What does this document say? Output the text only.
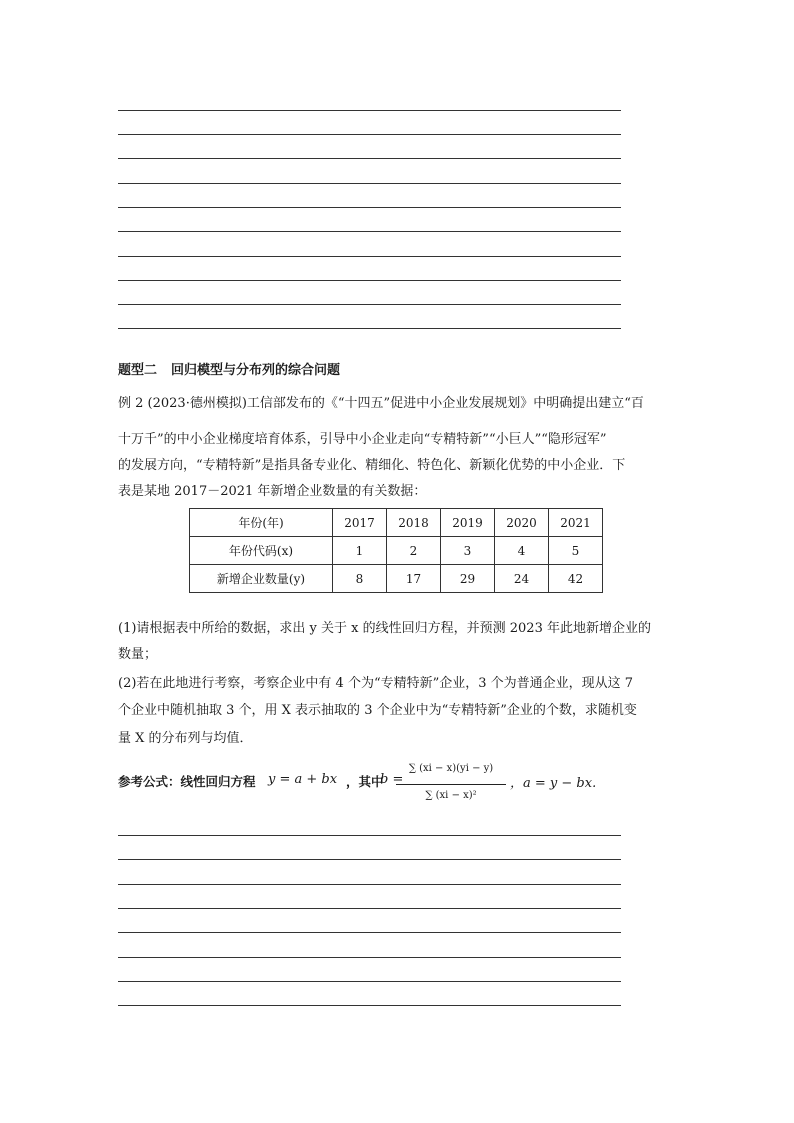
题型二 回归模型与分布列的综合问题
例 2 (2023·德州模拟)工信部发布的《“十四五”促进中小企业发展规划》中明确提出建立“百
十万千”的中小企业梯度培育体系，引导中小企业走向“专精特新”“小巨人”“隐形冠军”
的发展方向，“专精特新”是指具备专业化、精细化、特色化、新颖化优势的中小企业．下
表是某地 2017－2021 年新增企业数量的有关数据：
年份(年)	2017	2018	2019	2020	2021
年份代码(x)	1	2	3	4	5
新增企业数量(y)	8	17	29	24	42
(1)请根据表中所给的数据，求出 y 关于 x 的线性回归方程，并预测 2023 年此地新增企业的
数量；
(2)若在此地进行考察，考察企业中有 4 个为“专精特新”企业，3 个为普通企业，现从这 7
个企业中随机抽取 3 个，用 X 表示抽取的 3 个企业中为“专精特新”企业的个数，求随机变
量 X 的分布列与均值．
参考公式：线性回归方程 y = a + bx ，其中
b =
$\frac{\sum (xi - x)(yi - y)}{\text{∑ (xi − x)²}}$ ，a = y − bx.
